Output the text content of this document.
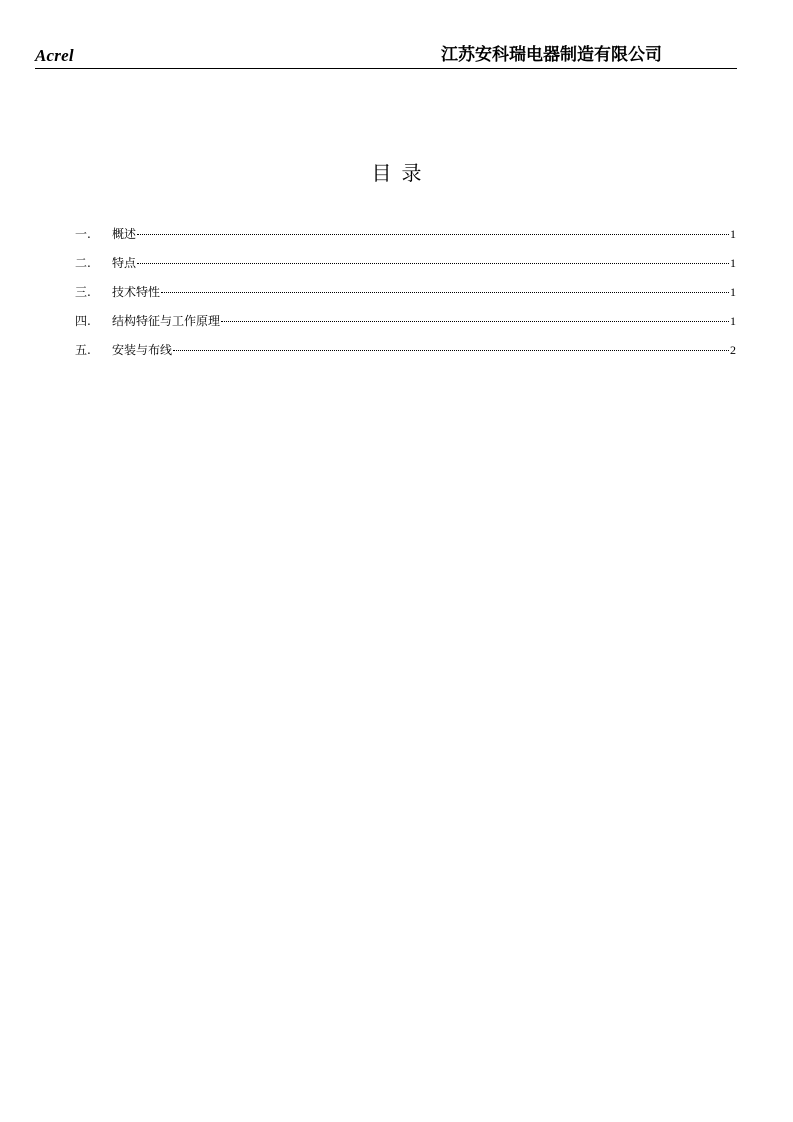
Acrel	江苏安科瑞电器制造有限公司
目录
一.	概述	1
二.	特点	1
三.	技术特性	1
四.	结构特征与工作原理	1
五.	安装与布线	2
